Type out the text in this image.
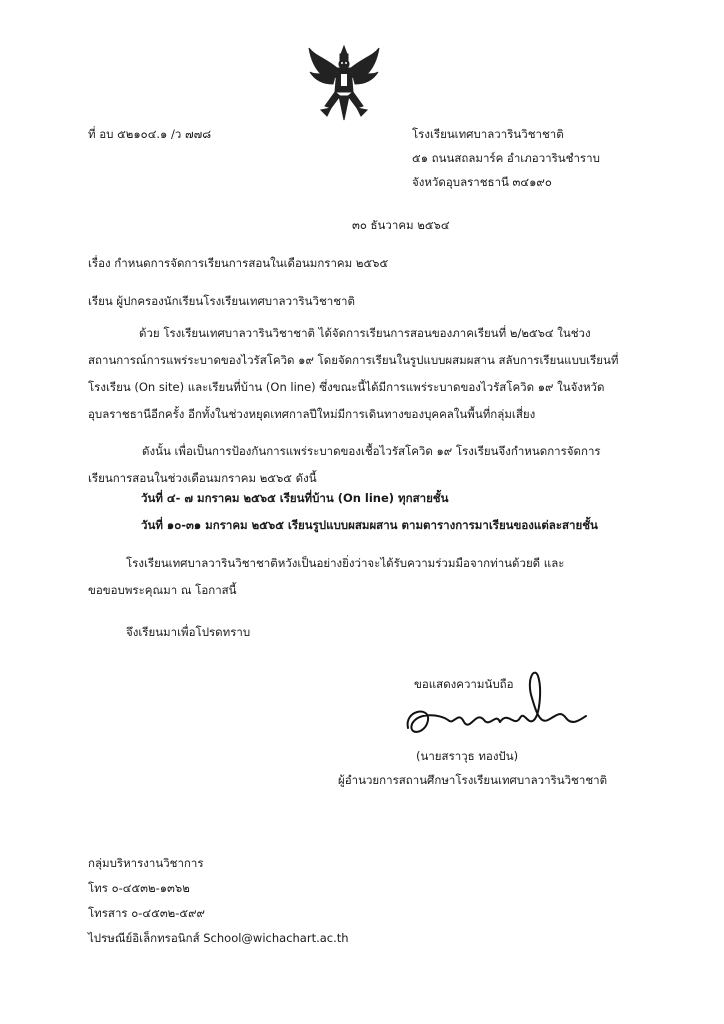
ที่ อบ ๕๒๑๐๔.๑ /ว ๗๗๘	โรงเรียนเทศบาลวารินวิชาชาติ
๕๑ ถนนสถลมาร์ค อำเภอวารินชำราบ
จังหวัดอุบลราชธานี ๓๔๑๙๐
๓๐ ธันวาคม ๒๕๖๔
เรื่อง กำหนดการจัดการเรียนการสอนในเดือนมกราคม ๒๕๖๕
เรียน ผู้ปกครองนักเรียนโรงเรียนเทศบาลวารินวิชาชาติ
ด้วย โรงเรียนเทศบาลวารินวิชาชาติ ได้จัดการเรียนการสอนของภาคเรียนที่ ๒/๒๕๖๔ ในช่วง
สถานการณ์การแพร่ระบาดของไวรัสโควิด ๑๙ โดยจัดการเรียนในรูปแบบผสมผสาน สลับการเรียนแบบเรียนที่
โรงเรียน (On site) และเรียนที่บ้าน (On line) ซึ่งขณะนี้ได้มีการแพร่ระบาดของไวรัสโควิด ๑๙ ในจังหวัด
อุบลราชธานีอีกครั้ง อีกทั้งในช่วงหยุดเทศกาลปีใหม่มีการเดินทางของบุคคลในพื้นที่กลุ่มเสี่ยง
ดังนั้น เพื่อเป็นการป้องกันการแพร่ระบาดของเชื้อไวรัสโควิด ๑๙ โรงเรียนจึงกำหนดการจัดการ
เรียนการสอนในช่วงเดือนมกราคม ๒๕๖๕ ดังนี้
วันที่ ๔- ๗ มกราคม ๒๕๖๕ เรียนที่บ้าน (On line) ทุกสายชั้น
วันที่ ๑๐-๓๑ มกราคม ๒๕๖๕ เรียนรูปแบบผสมผสาน ตามตารางการมาเรียนของแต่ละสายชั้น
โรงเรียนเทศบาลวารินวิชาชาติหวังเป็นอย่างยิ่งว่าจะได้รับความร่วมมือจากท่านด้วยดี และ
ขอขอบพระคุณมา ณ โอกาสนี้
จึงเรียนมาเพื่อโปรดทราบ
ขอแสดงความนับถือ
(นายสราวุธ ทองปัน)
ผู้อำนวยการสถานศึกษาโรงเรียนเทศบาลวารินวิชาชาติ
กลุ่มบริหารงานวิชาการ
โทร ๐-๔๕๓๒-๑๓๖๒
โทรสาร ๐-๔๕๓๒-๕๙๙
ไปรษณีย์อิเล็กทรอนิกส์ School@wichachart.ac.th
